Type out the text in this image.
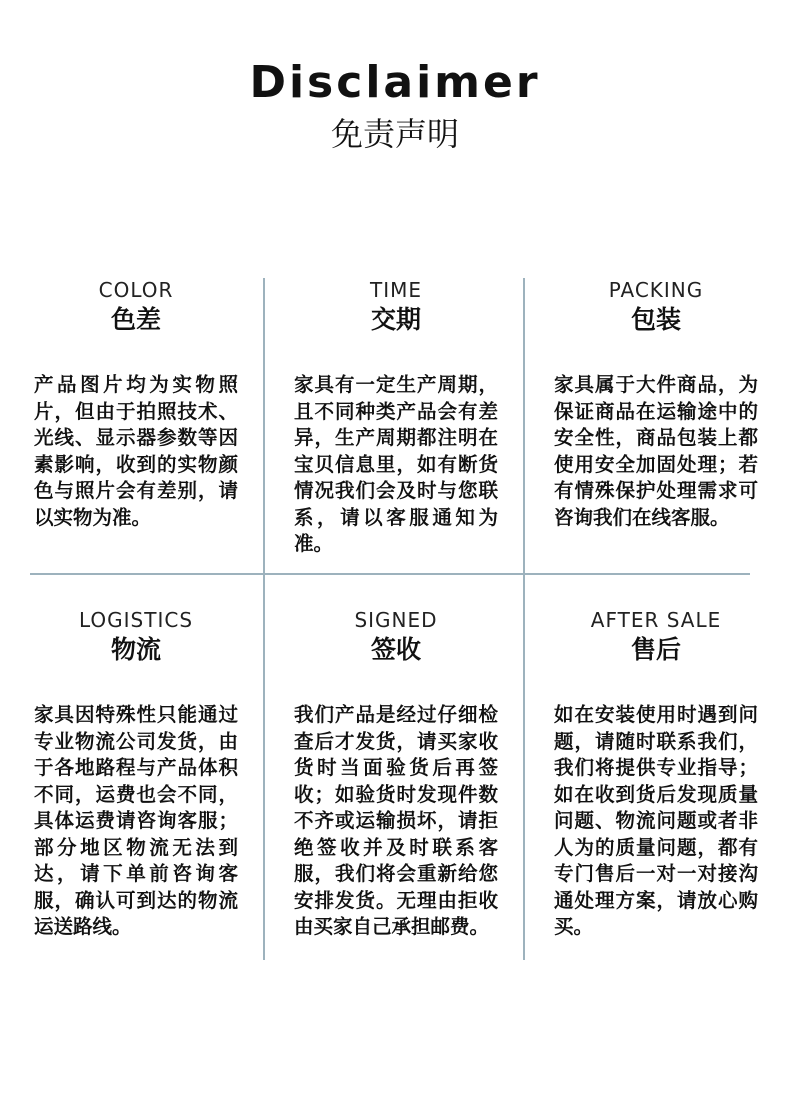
Disclaimer
免责声明
COLOR
色差
产品图片均为实物照片，但由于拍照技术、光线、显示器参数等因素影响，收到的实物颜色与照片会有差别，请以实物为准。
TIME
交期
家具有一定生产周期，且不同种类产品会有差异，生产周期都注明在宝贝信息里，如有断货情况我们会及时与您联系，请以客服通知为准。
PACKING
包装
家具属于大件商品，为保证商品在运输途中的安全性，商品包装上都使用安全加固处理；若有情殊保护处理需求可咨询我们在线客服。
LOGISTICS
物流
家具因特殊性只能通过专业物流公司发货，由于各地路程与产品体积不同，运费也会不同，具体运费请咨询客服；部分地区物流无法到达，请下单前咨询客服，确认可到达的物流运送路线。
SIGNED
签收
我们产品是经过仔细检查后才发货，请买家收货时当面验货后再签收；如验货时发现件数不齐或运输损坏，请拒绝签收并及时联系客服，我们将会重新给您安排发货。无理由拒收由买家自己承担邮费。
AFTER SALE
售后
如在安装使用时遇到问题，请随时联系我们，我们将提供专业指导；如在收到货后发现质量问题、物流问题或者非人为的质量问题，都有专门售后一对一对接沟通处理方案，请放心购买。
